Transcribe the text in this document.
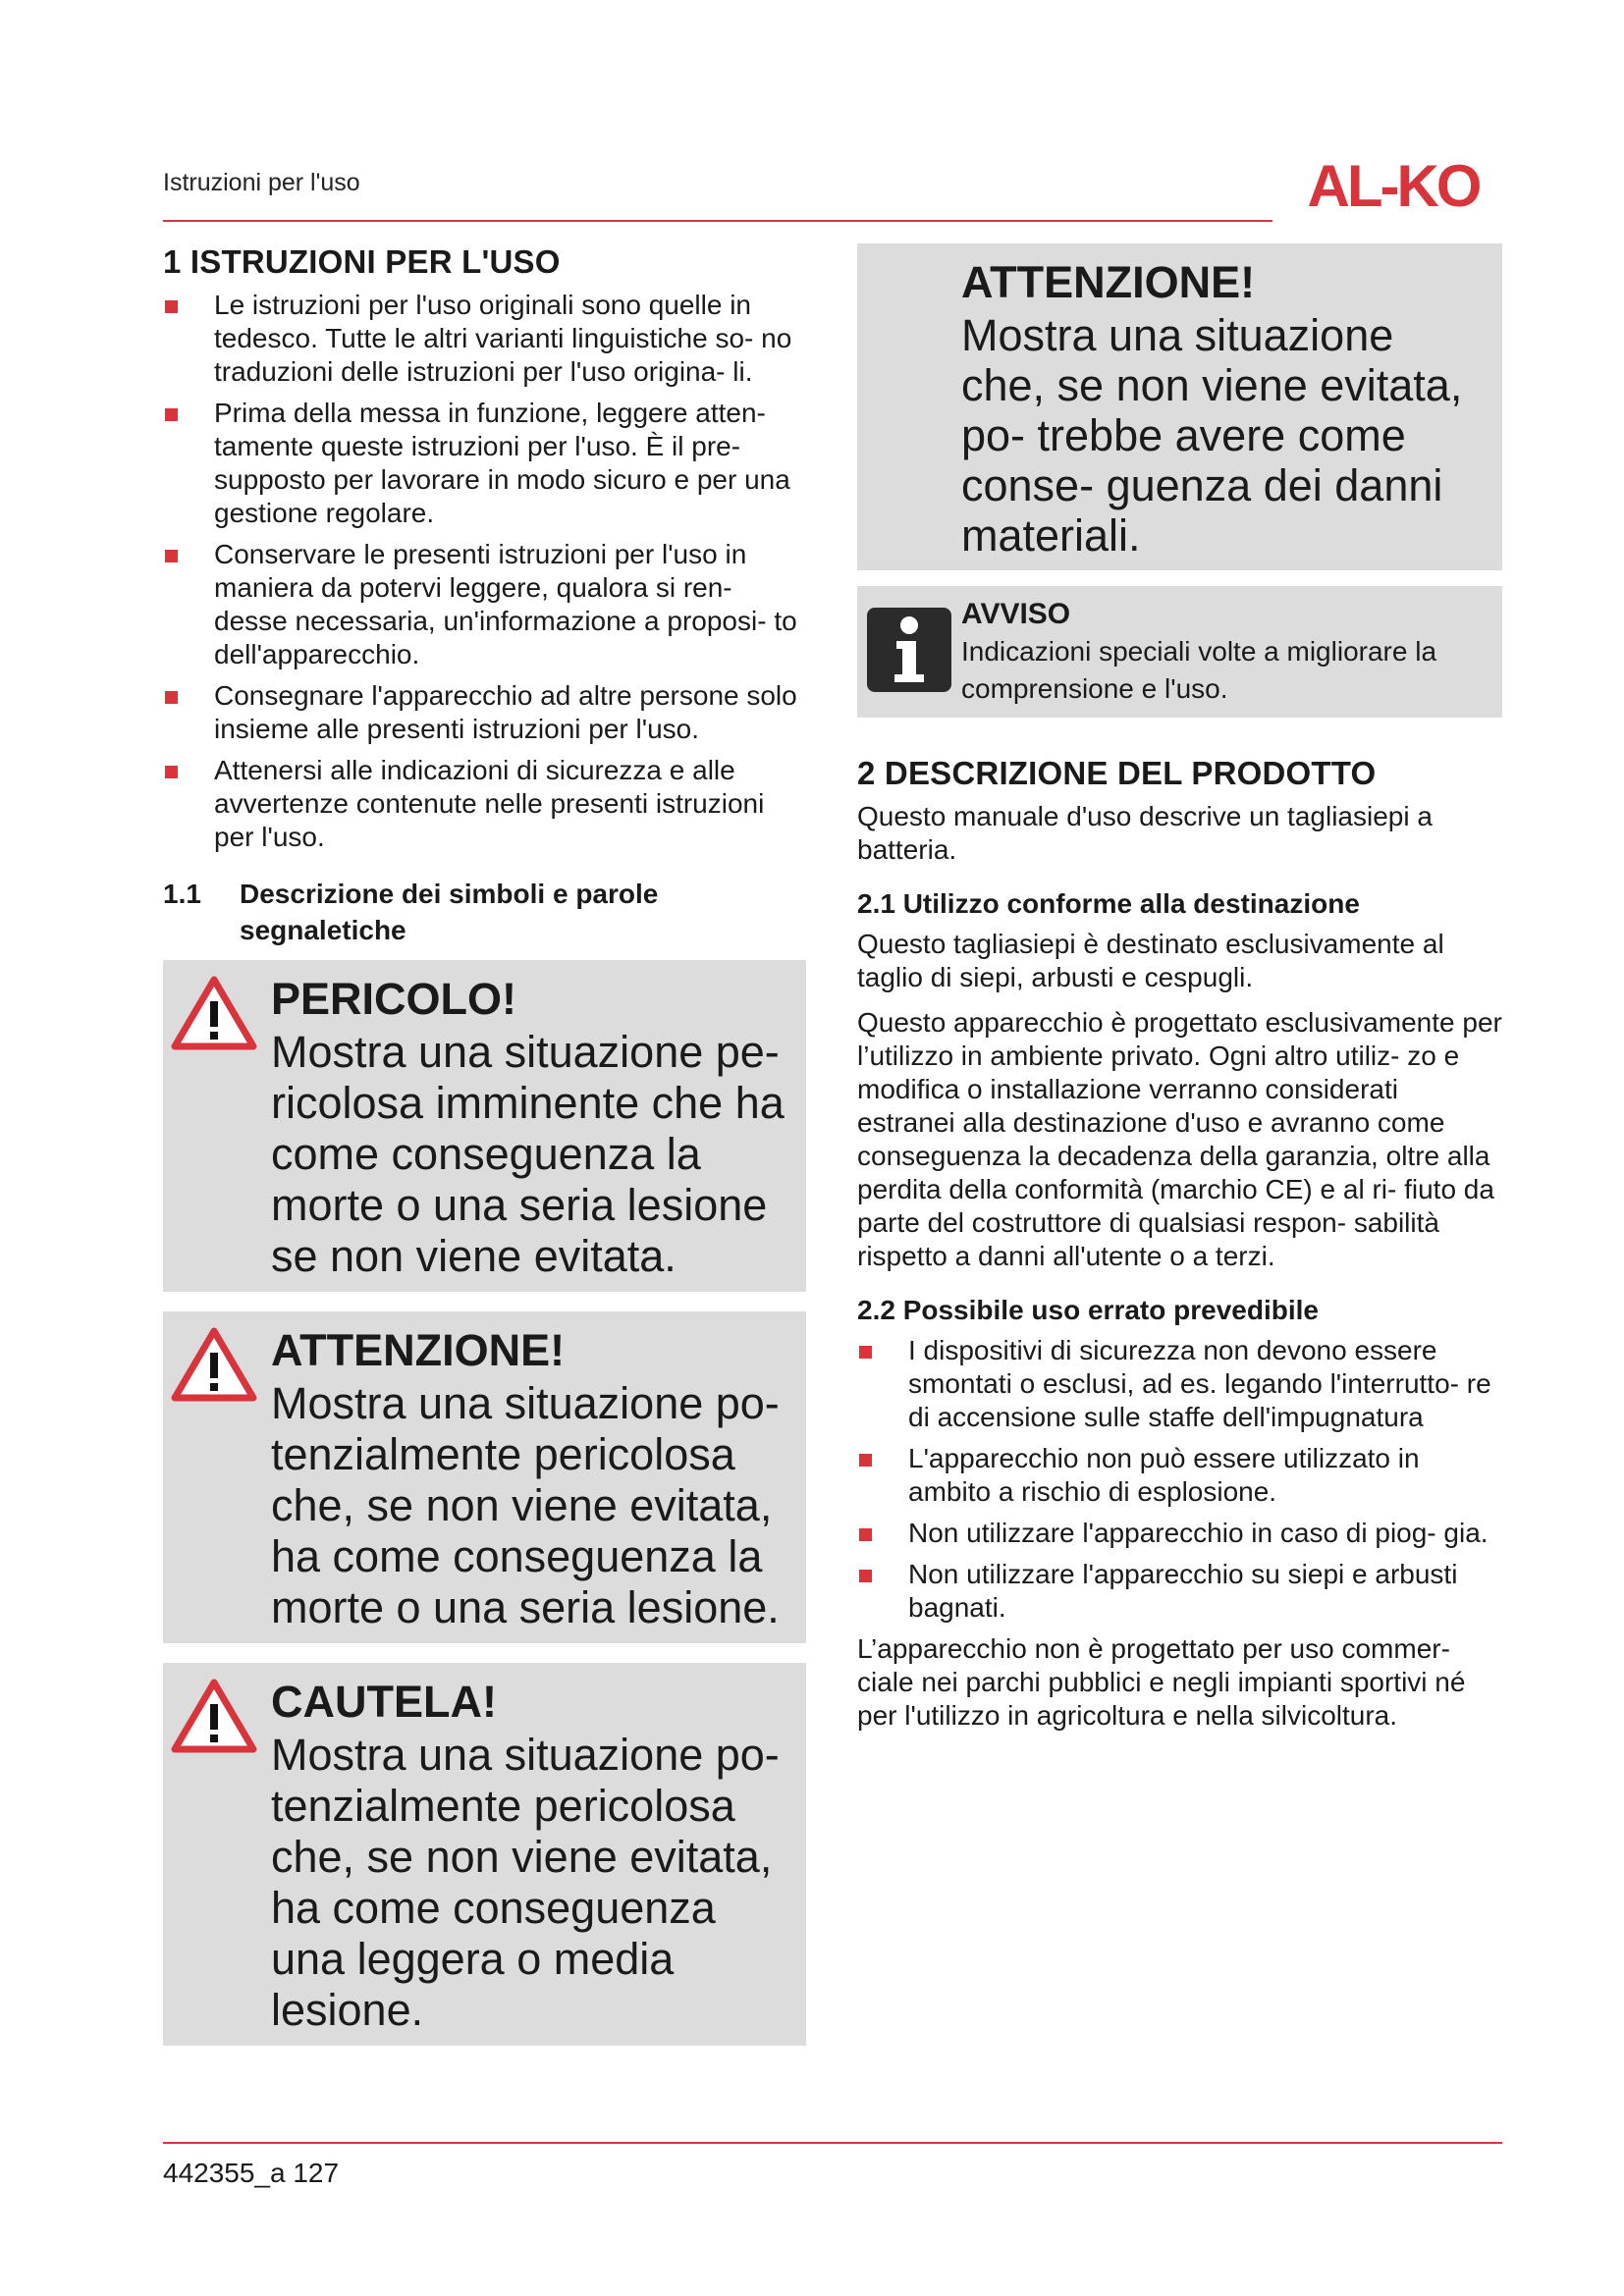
Istruzioni per l'uso	AL-KO
1 ISTRUZIONI PER L'USO
Le istruzioni per l'uso originali sono quelle in tedesco. Tutte le altri varianti linguistiche so- no traduzioni delle istruzioni per l'uso origina- li.
Prima della messa in funzione, leggere atten- tamente queste istruzioni per l'uso. È il pre- supposto per lavorare in modo sicuro e per una gestione regolare.
Conservare le presenti istruzioni per l'uso in maniera da potervi leggere, qualora si ren- desse necessaria, un'informazione a proposi- to dell'apparecchio.
Consegnare l'apparecchio ad altre persone solo insieme alle presenti istruzioni per l'uso.
Attenersi alle indicazioni di sicurezza e alle avvertenze contenute nelle presenti istruzioni per l'uso.
1.1 Descrizione dei simboli e parole
segnaletiche
PERICOLO!
Mostra una situazione pe- ricolosa imminente che ha come conseguenza la morte o una seria lesione se non viene evitata.
ATTENZIONE!
Mostra una situazione po- tenzialmente pericolosa che, se non viene evitata, ha come conseguenza la morte o una seria lesione.
CAUTELA!
Mostra una situazione po- tenzialmente pericolosa che, se non viene evitata, ha come conseguenza una leggera o media lesione.
ATTENZIONE!
Mostra una situazione che, se non viene evitata, po- trebbe avere come conse- guenza dei danni materiali.
AVVISO
Indicazioni speciali volte a migliorare la comprensione e l'uso.
2 DESCRIZIONE DEL PRODOTTO

Questo manuale d'uso descrive un tagliasiepi a batteria.

2.1 Utilizzo conforme alla destinazione

Questo tagliasiepi è destinato esclusivamente al taglio di siepi, arbusti e cespugli.

Questo apparecchio è progettato esclusivamente per l’utilizzo in ambiente privato. Ogni altro utiliz- zo e modifica o installazione verranno considerati estranei alla destinazione d'uso e avranno come conseguenza la decadenza della garanzia, oltre alla perdita della conformità (marchio CE) e al ri- fiuto da parte del costruttore di qualsiasi respon- sabilità rispetto a danni all'utente o a terzi.

2.2 Possibile uso errato prevedibile
I dispositivi di sicurezza non devono essere smontati o esclusi, ad es. legando l'interrutto- re di accensione sulle staffe dell'impugnatura
L'apparecchio non può essere utilizzato in ambito a rischio di esplosione.
Non utilizzare l'apparecchio in caso di piog- gia.
Non utilizzare l'apparecchio su siepi e arbusti bagnati.

L’apparecchio non è progettato per uso commer- ciale nei parchi pubblici e negli impianti sportivi né per l'utilizzo in agricoltura e nella silvicoltura.

442355_a 127
